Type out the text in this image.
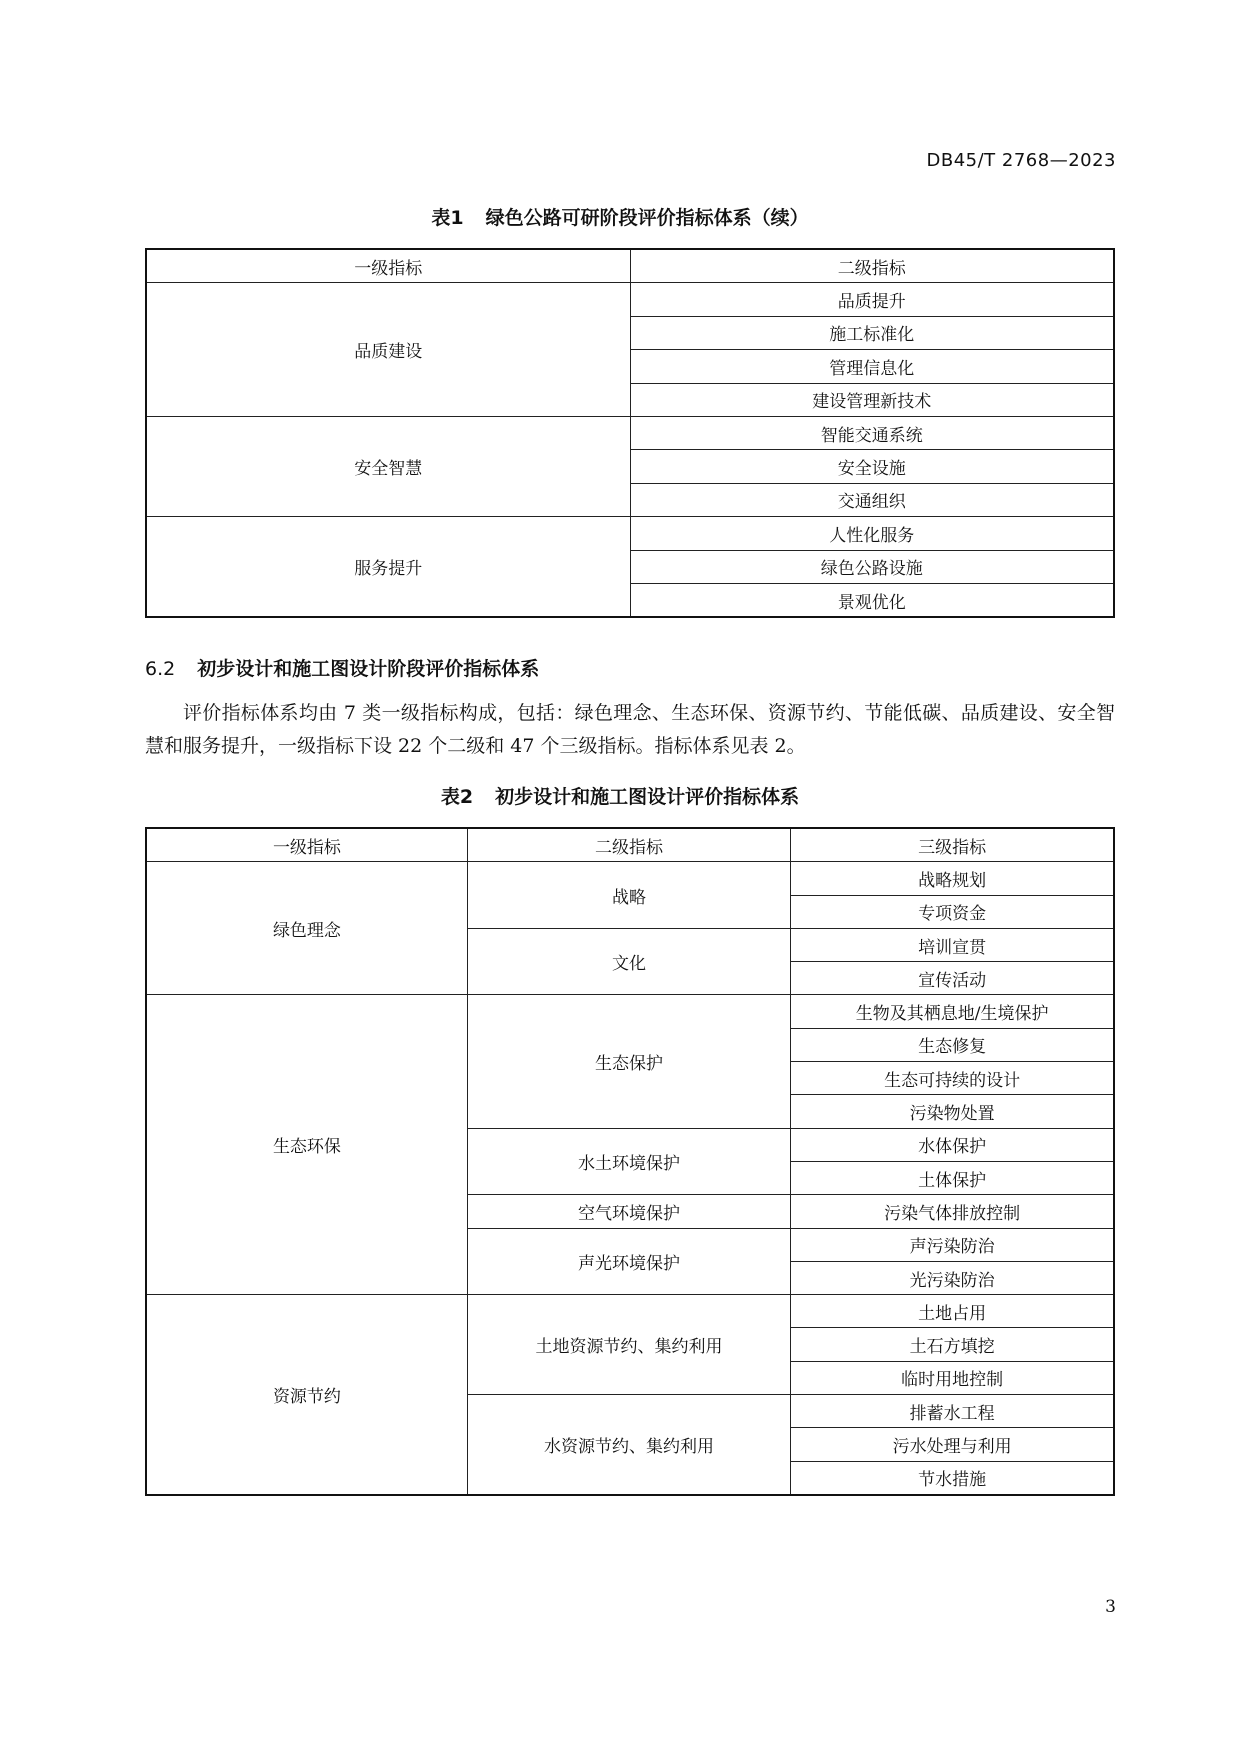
DB45/T 2768—2023
表1 绿色公路可研阶段评价指标体系（续）
一级指标	二级指标
品质建设	品质提升
	施工标准化
	管理信息化
	建设管理新技术
安全智慧	智能交通系统
	安全设施
	交通组织
服务提升	人性化服务
	绿色公路设施
	景观优化
6.2 初步设计和施工图设计阶段评价指标体系

评价指标体系均由 7 类一级指标构成，包括：绿色理念、生态环保、资源节约、节能低碳、品质建设、安全智慧和服务提升，一级指标下设 22 个二级和 47 个三级指标。指标体系见表 2。

表2 初步设计和施工图设计评价指标体系
一级指标	二级指标	三级指标
绿色理念	战略	战略规划
		专项资金
	文化	培训宣贯
		宣传活动
生态环保	生态保护	生物及其栖息地/生境保护
		生态修复
		生态可持续的设计
		污染物处置
	水土环境保护	水体保护
		土体保护
	空气环境保护	污染气体排放控制
	声光环境保护	声污染防治
		光污染防治
资源节约	土地资源节约、集约利用	土地占用
		土石方填挖
		临时用地控制
	水资源节约、集约利用	排蓄水工程
		污水处理与利用
		节水措施
3
